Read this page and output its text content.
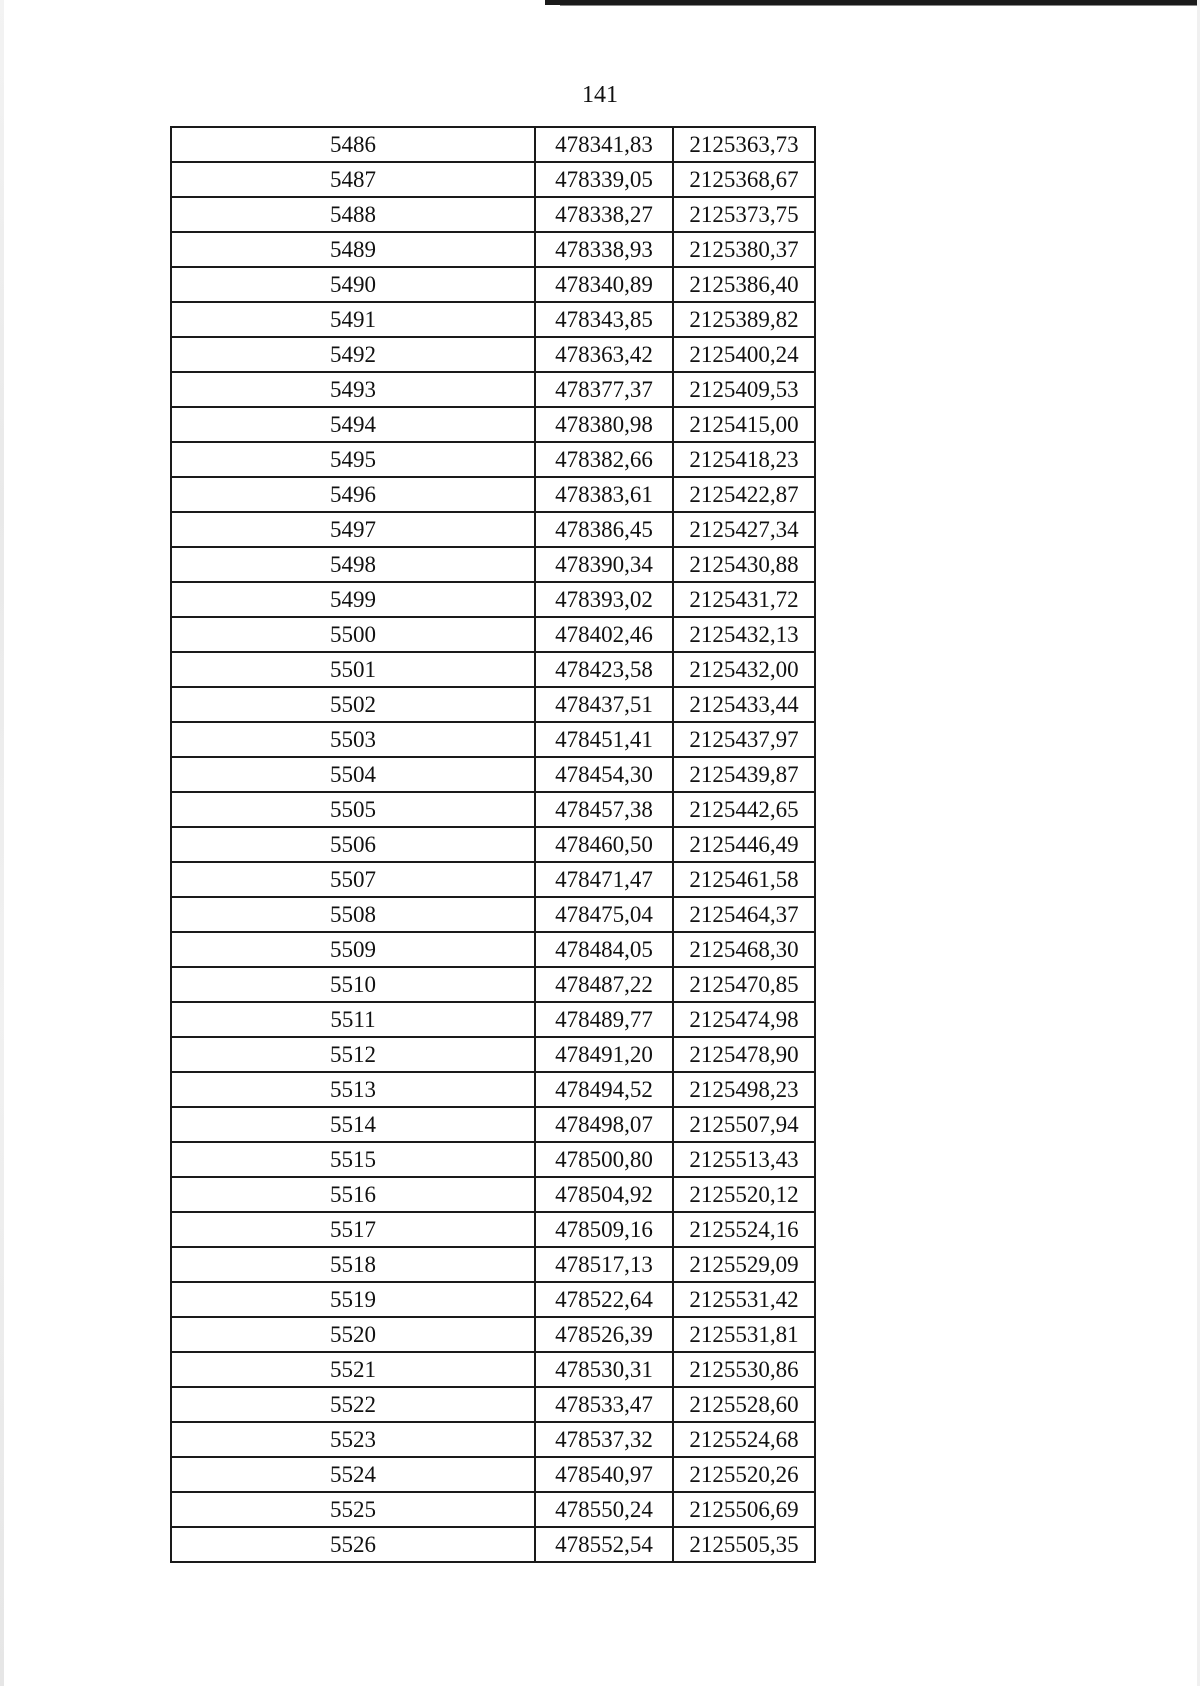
141
5486	478341,83	2125363,73
5487	478339,05	2125368,67
5488	478338,27	2125373,75
5489	478338,93	2125380,37
5490	478340,89	2125386,40
5491	478343,85	2125389,82
5492	478363,42	2125400,24
5493	478377,37	2125409,53
5494	478380,98	2125415,00
5495	478382,66	2125418,23
5496	478383,61	2125422,87
5497	478386,45	2125427,34
5498	478390,34	2125430,88
5499	478393,02	2125431,72
5500	478402,46	2125432,13
5501	478423,58	2125432,00
5502	478437,51	2125433,44
5503	478451,41	2125437,97
5504	478454,30	2125439,87
5505	478457,38	2125442,65
5506	478460,50	2125446,49
5507	478471,47	2125461,58
5508	478475,04	2125464,37
5509	478484,05	2125468,30
5510	478487,22	2125470,85
5511	478489,77	2125474,98
5512	478491,20	2125478,90
5513	478494,52	2125498,23
5514	478498,07	2125507,94
5515	478500,80	2125513,43
5516	478504,92	2125520,12
5517	478509,16	2125524,16
5518	478517,13	2125529,09
5519	478522,64	2125531,42
5520	478526,39	2125531,81
5521	478530,31	2125530,86
5522	478533,47	2125528,60
5523	478537,32	2125524,68
5524	478540,97	2125520,26
5525	478550,24	2125506,69
5526	478552,54	2125505,35
